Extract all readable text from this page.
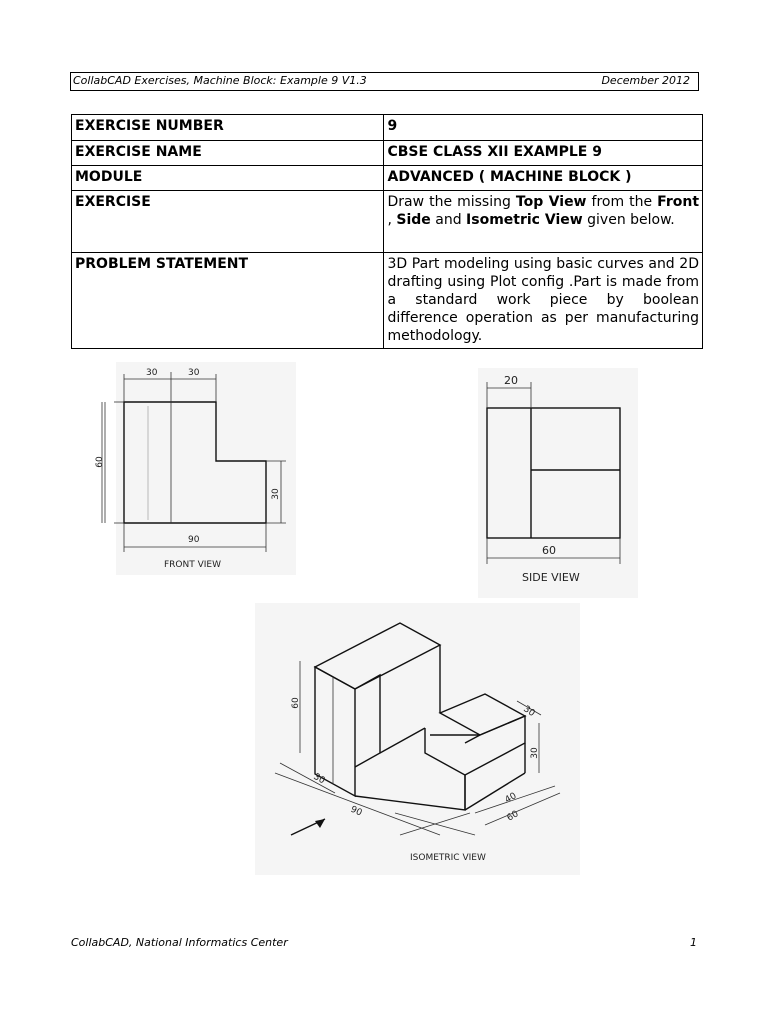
CollabCAD Exercises, Machine Block: Example 9 V1.3	December 2012
EXERCISE NUMBER	9
EXERCISE NAME	CBSE CLASS XII EXAMPLE 9
MODULE	ADVANCED ( MACHINE BLOCK )
EXERCISE	Draw the missing Top View from the Front , Side and Isometric View given below.
PROBLEM STATEMENT	3D Part modeling using basic curves and 2D drafting using Plot config .Part is made from a standard work piece by boolean difference operation as per manufacturing methodology.
30	30
60
30
90
FRONT VIEW
20
60
SIDE VIEW
60
30
30
30
90
40
60
ISOMETRIC VIEW
CollabCAD, National Informatics Center	1
